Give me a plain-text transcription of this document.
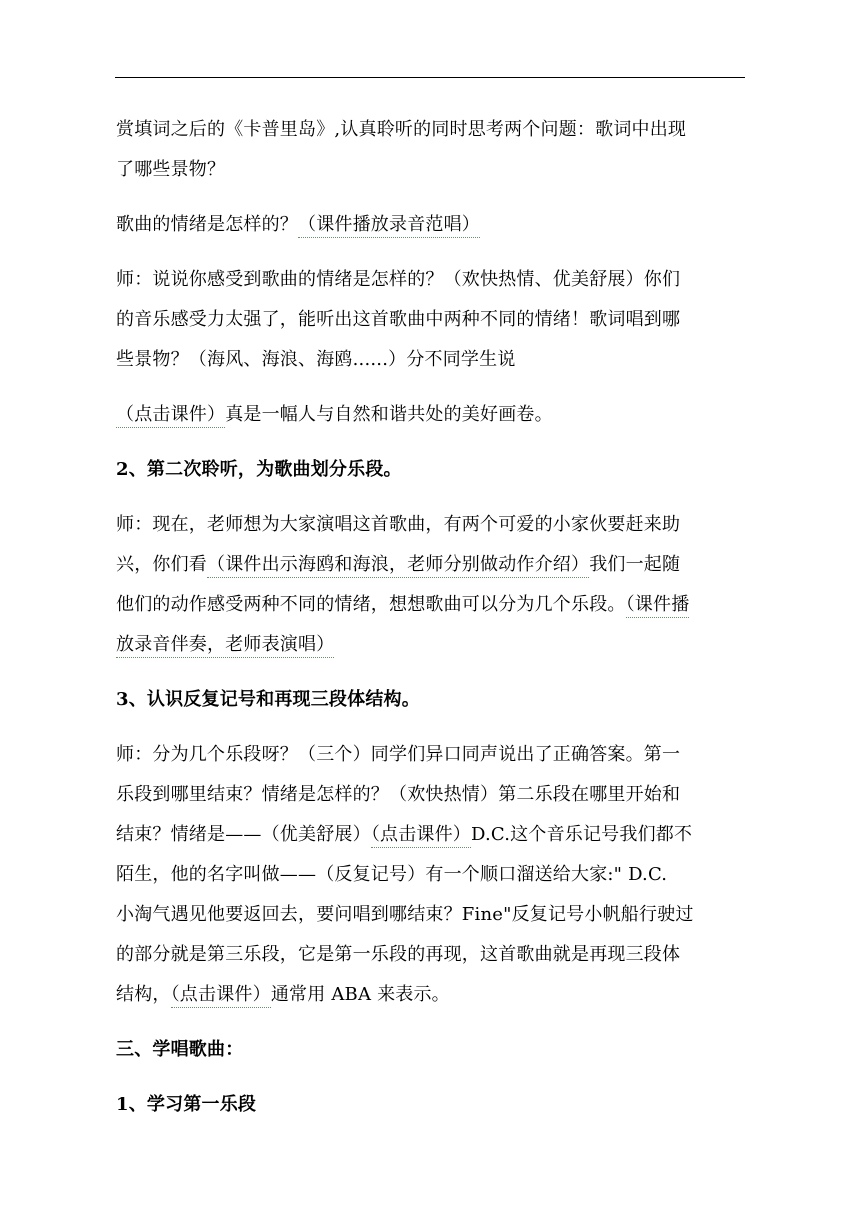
赏填词之后的《卡普里岛》,认真聆听的同时思考两个问题：歌词中出现
了哪些景物？
歌曲的情绪是怎样的？（课件播放录音范唱）
师：说说你感受到歌曲的情绪是怎样的？（欢快热情、优美舒展）你们
的音乐感受力太强了，能听出这首歌曲中两种不同的情绪！歌词唱到哪
些景物？（海风、海浪、海鸥......）分不同学生说
（点击课件）真是一幅人与自然和谐共处的美好画卷。
2、第二次聆听，为歌曲划分乐段。
师：现在，老师想为大家演唱这首歌曲，有两个可爱的小家伙要赶来助
兴，你们看（课件出示海鸥和海浪，老师分别做动作介绍）我们一起随
他们的动作感受两种不同的情绪，想想歌曲可以分为几个乐段。（课件播
放录音伴奏，老师表演唱）
3、认识反复记号和再现三段体结构。
师：分为几个乐段呀？（三个）同学们异口同声说出了正确答案。第一
乐段到哪里结束？情绪是怎样的？（欢快热情）第二乐段在哪里开始和
结束？情绪是——（优美舒展）（点击课件）D.C.这个音乐记号我们都不
陌生，他的名字叫做——（反复记号）有一个顺口溜送给大家:" D.C.
小淘气遇见他要返回去，要问唱到哪结束？Fine"反复记号小帆船行驶过
的部分就是第三乐段，它是第一乐段的再现，这首歌曲就是再现三段体
结构，（点击课件）通常用 ABA 来表示。
三、学唱歌曲：
1、学习第一乐段
